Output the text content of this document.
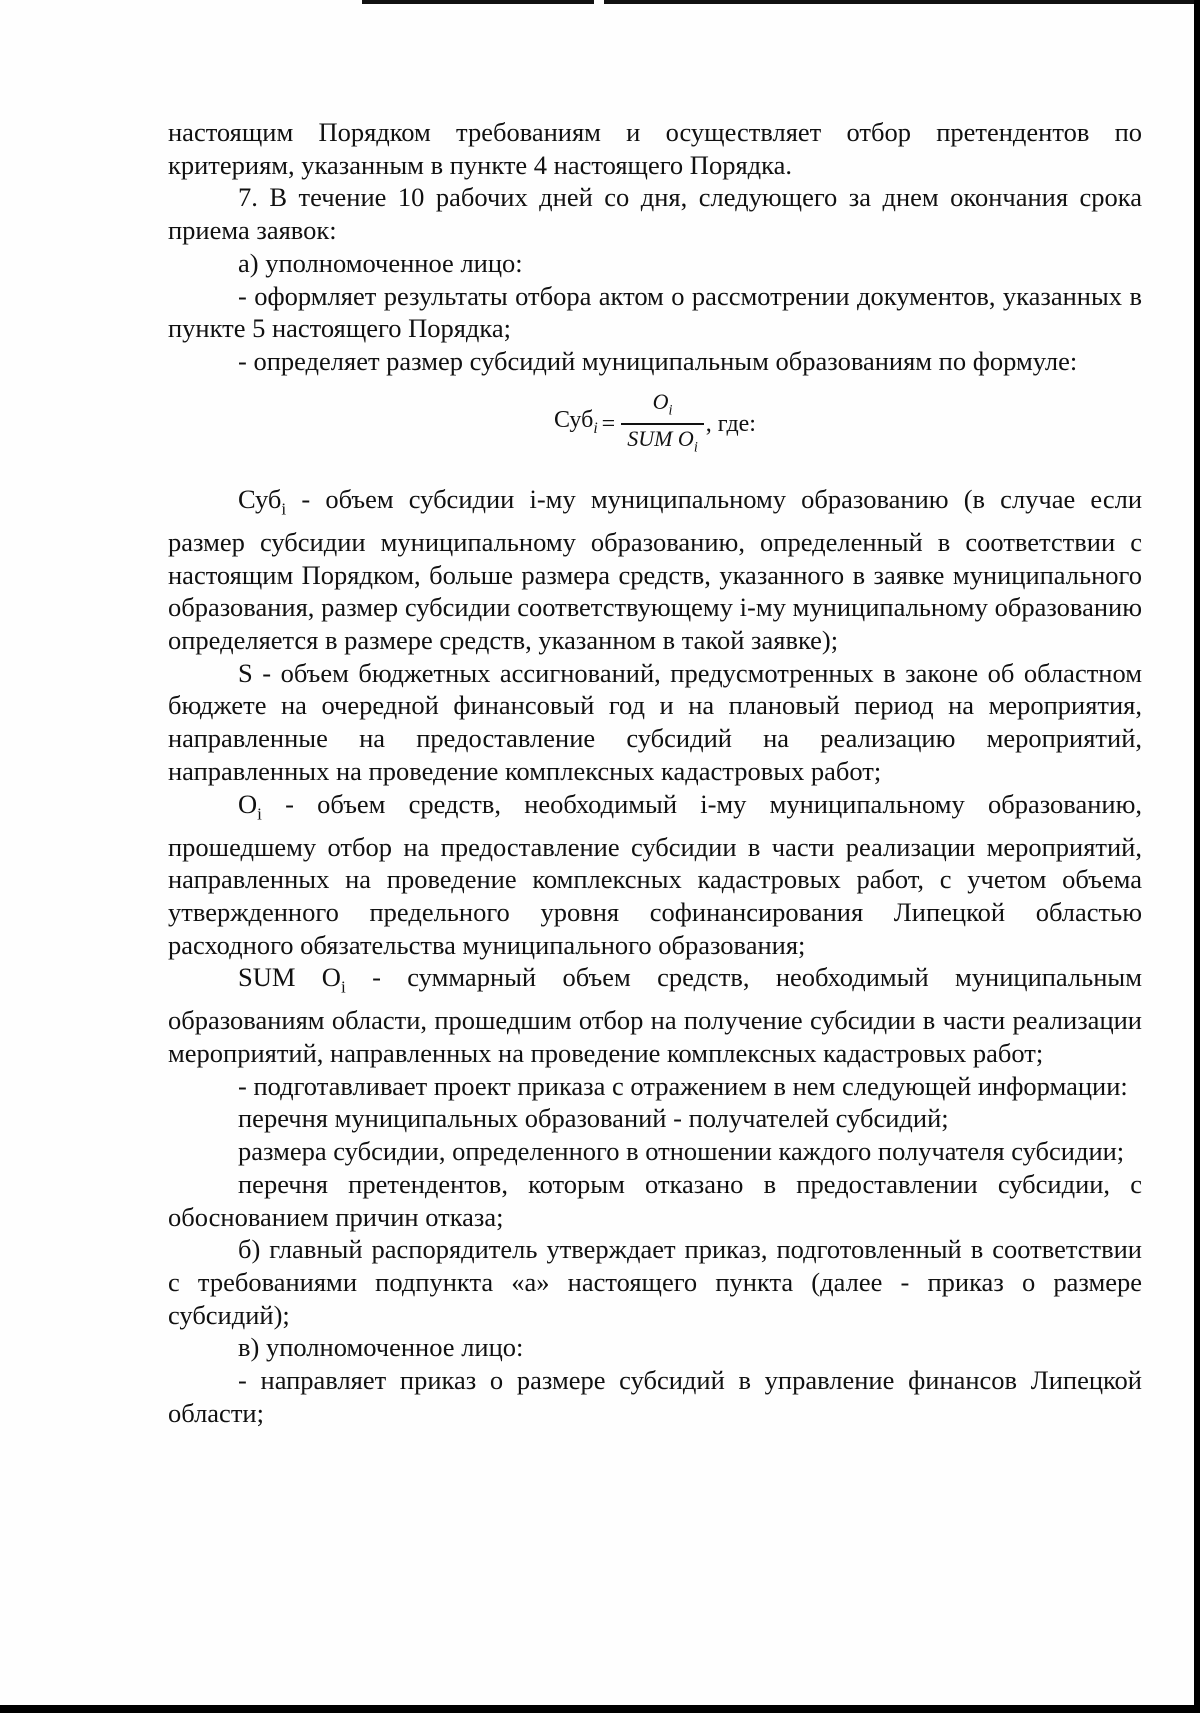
настоящим Порядком требованиям и осуществляет отбор претендентов по критериям, указанным в пункте 4 настоящего Порядка.

7. В течение 10 рабочих дней со дня, следующего за днем окончания срока приема заявок:

а) уполномоченное лицо:

- оформляет результаты отбора актом о рассмотрении документов, указанных в пункте 5 настоящего Порядка;

- определяет размер субсидий муниципальным образованиям по формуле:

$Суб_i = \frac{O_i}{SUM O_i}$ , где:

Суб$_i$ - объем субсидии i-му муниципальному образованию (в случае если размер субсидии муниципальному образованию, определенный в соответствии с настоящим Порядком, больше размера средств, указанного в заявке муниципального образования, размер субсидии соответствующему i-му муниципальному образованию определяется в размере средств, указанном в такой заявке);

S - объем бюджетных ассигнований, предусмотренных в законе об областном бюджете на очередной финансовый год и на плановый период на мероприятия, направленные на предоставление субсидий на реализацию мероприятий, направленных на проведение комплексных кадастровых работ;

$O_i$ - объем средств, необходимый i-му муниципальному образованию, прошедшему отбор на предоставление субсидии в части реализации мероприятий, направленных на проведение комплексных кадастровых работ, с учетом объема утвержденного предельного уровня софинансирования Липецкой областью расходного обязательства муниципального образования;

SUM $O_i$ - суммарный объем средств, необходимый муниципальным образованиям области, прошедшим отбор на получение субсидии в части реализации мероприятий, направленных на проведение комплексных кадастровых работ;

- подготавливает проект приказа с отражением в нем следующей информации:

перечня муниципальных образований - получателей субсидий;

размера субсидии, определенного в отношении каждого получателя субсидии;

перечня претендентов, которым отказано в предоставлении субсидии, с обоснованием причин отказа;

б) главный распорядитель утверждает приказ, подготовленный в соответствии с требованиями подпункта «а» настоящего пункта (далее - приказ о размере субсидий);

в) уполномоченное лицо:

- направляет приказ о размере субсидий в управление финансов Липецкой области;
